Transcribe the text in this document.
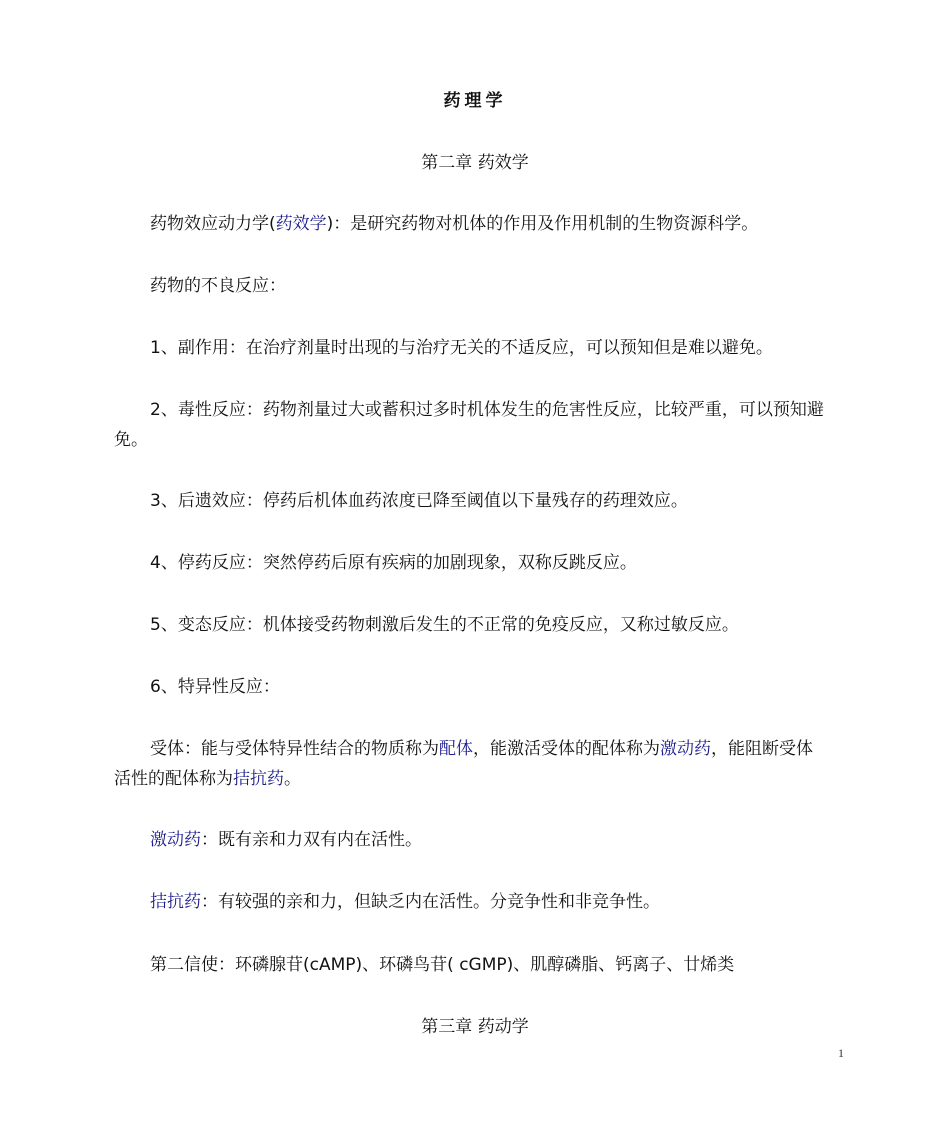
药理学
第二章 药效学
药物效应动力学(药效学)：是研究药物对机体的作用及作用机制的生物资源科学。
药物的不良反应：
1、副作用：在治疗剂量时出现的与治疗无关的不适反应，可以预知但是难以避免。
2、毒性反应：药物剂量过大或蓄积过多时机体发生的危害性反应，比较严重，可以预知避
免。
3、后遗效应：停药后机体血药浓度已降至阈值以下量残存的药理效应。
4、停药反应：突然停药后原有疾病的加剧现象，双称反跳反应。
5、变态反应：机体接受药物刺激后发生的不正常的免疫反应，又称过敏反应。
6、特异性反应：
受体：能与受体特异性结合的物质称为配体，能激活受体的配体称为激动药，能阻断受体
活性的配体称为拮抗药。
激动药：既有亲和力双有内在活性。
拮抗药：有较强的亲和力，但缺乏内在活性。分竞争性和非竞争性。
第二信使：环磷腺苷(cAMP)、环磷鸟苷( cGMP)、肌醇磷脂、钙离子、廿烯类
第三章 药动学
1
